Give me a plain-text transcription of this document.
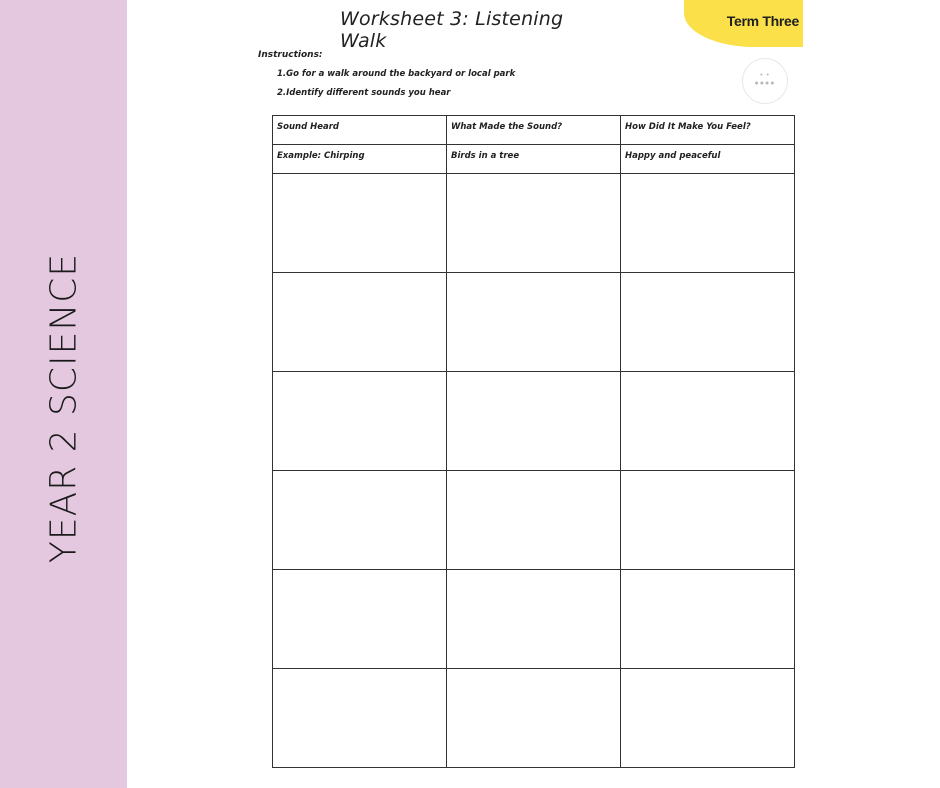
YEAR 2 SCIENCE
Term Three
Worksheet 3: Listening Walk
Instructions:
1.Go for a walk around the backyard or local park
2.Identify different sounds you hear
• •
●●●●
Sound Heard	What Made the Sound?	How Did It Make You Feel?
Example: Chirping	Birds in a tree	Happy and peaceful
